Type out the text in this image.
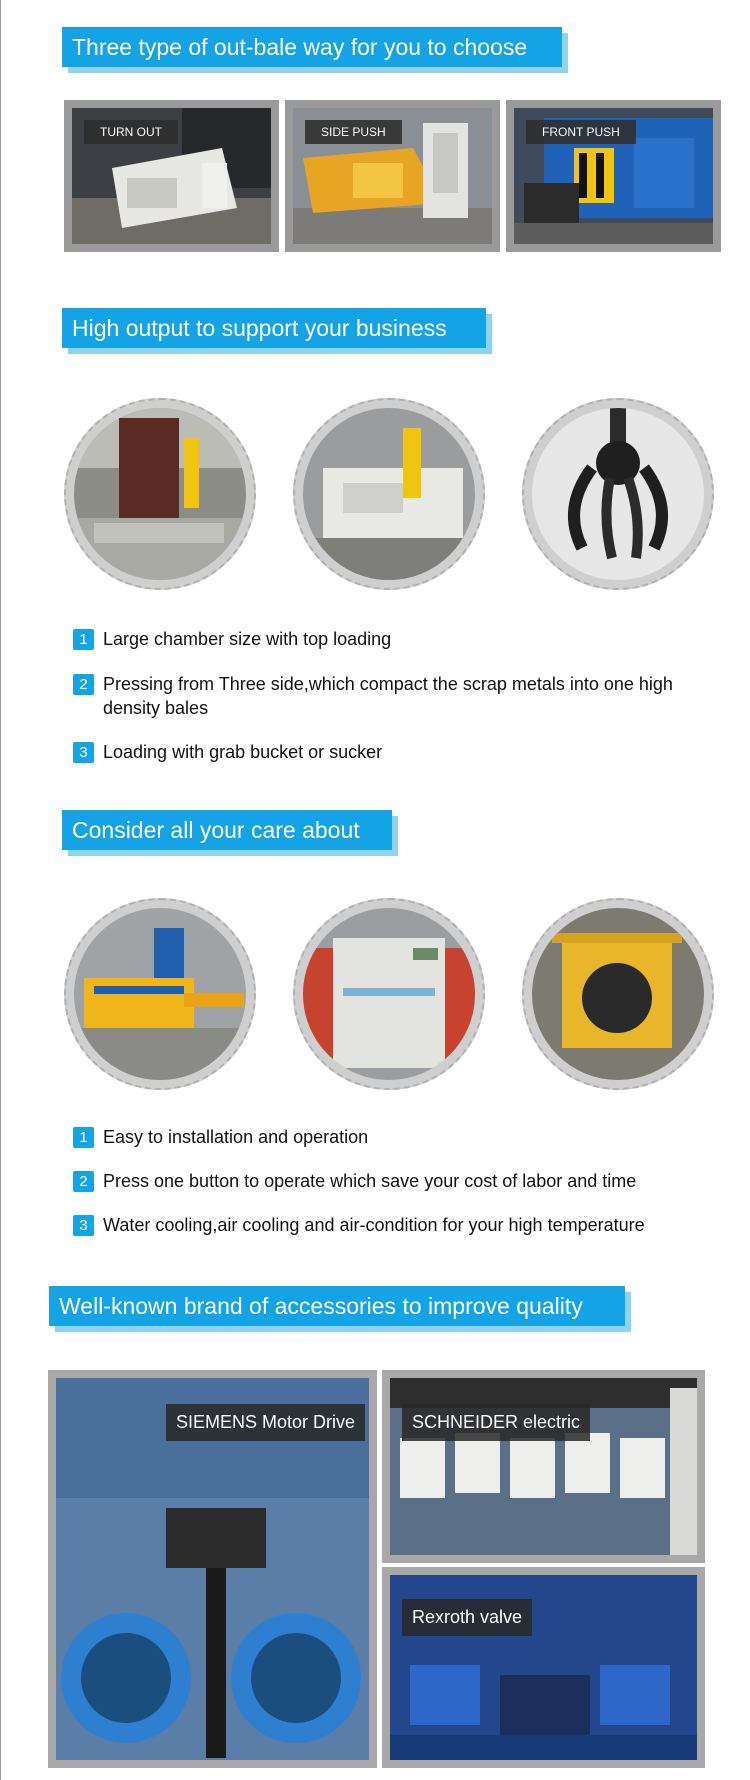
Three type of out-bale way for you to choose
TURN OUT	SIDE PUSH	FRONT PUSH
High output to support your business
1 Large chamber size with top loading
2 Pressing from Three side,which compact the scrap metals into one high density bales
3 Loading with grab bucket or sucker
Consider all your care about
1 Easy to installation and operation
2 Press one button to operate which save your cost of labor and time
3 Water cooling,air cooling and air-condition for your high temperature
Well-known brand of accessories to improve quality
SIEMENS Motor Drive	SCHNEIDER electric
Rexroth valve
